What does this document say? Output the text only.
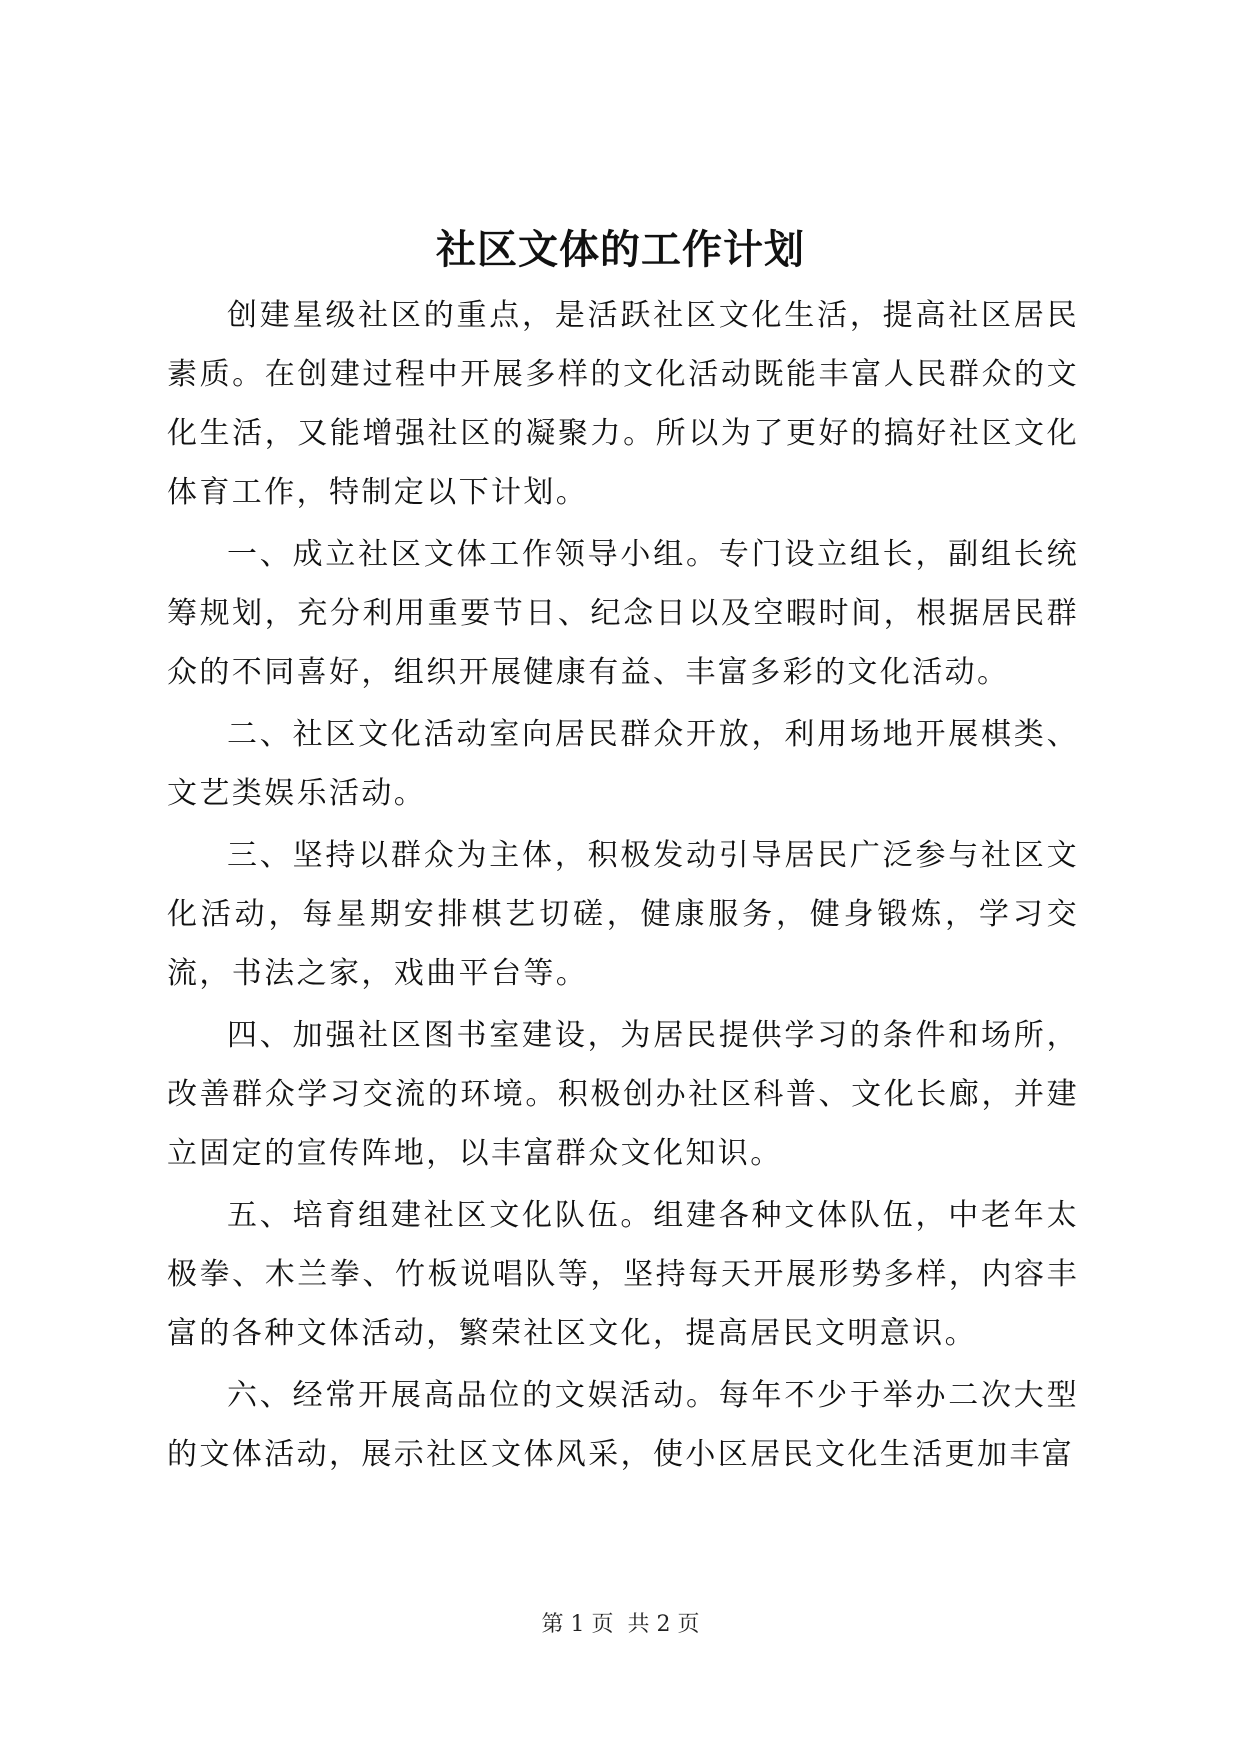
社区文体的工作计划

创建星级社区的重点，是活跃社区文化生活，提高社区居民素质。在创建过程中开展多样的文化活动既能丰富人民群众的文化生活，又能增强社区的凝聚力。所以为了更好的搞好社区文化体育工作，特制定以下计划。

一、成立社区文体工作领导小组。专门设立组长，副组长统筹规划，充分利用重要节日、纪念日以及空暇时间，根据居民群众的不同喜好，组织开展健康有益、丰富多彩的文化活动。

二、社区文化活动室向居民群众开放，利用场地开展棋类、文艺类娱乐活动。

三、坚持以群众为主体，积极发动引导居民广泛参与社区文化活动，每星期安排棋艺切磋，健康服务，健身锻炼，学习交流，书法之家，戏曲平台等。

四、加强社区图书室建设，为居民提供学习的条件和场所，改善群众学习交流的环境。积极创办社区科普、文化长廊，并建立固定的宣传阵地，以丰富群众文化知识。

五、培育组建社区文化队伍。组建各种文体队伍，中老年太极拳、木兰拳、竹板说唱队等，坚持每天开展形势多样，内容丰富的各种文体活动，繁荣社区文化，提高居民文明意识。

六、经常开展高品位的文娱活动。每年不少于举办二次大型的文体活动，展示社区文体风采，使小区居民文化生活更加丰富

第 1 页  共 2 页
